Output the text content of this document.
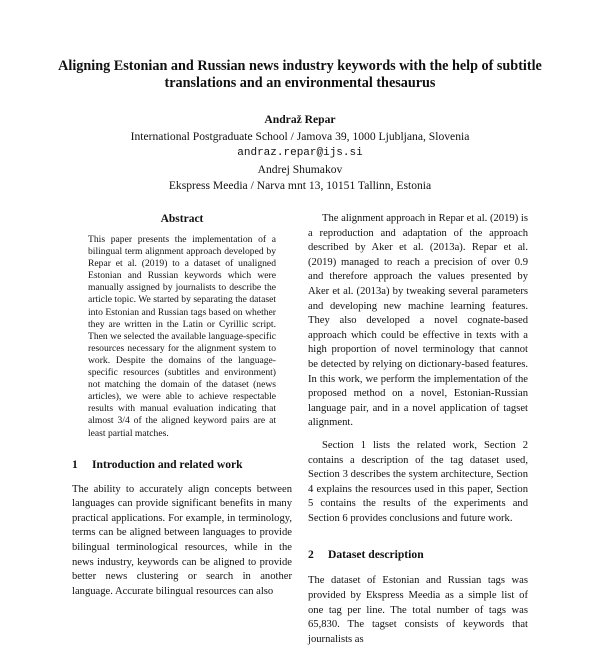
Aligning Estonian and Russian news industry keywords with the help of subtitle translations and an environmental thesaurus
Andraž Repar
International Postgraduate School / Jamova 39, 1000 Ljubljana, Slovenia
andraz.repar@ijs.si
Andrej Shumakov
Ekspress Meedia / Narva mnt 13, 10151 Tallinn, Estonia
Abstract

This paper presents the implementation of a bilingual term alignment approach developed by Repar et al. (2019) to a dataset of unaligned Estonian and Russian keywords which were manually assigned by journalists to describe the article topic. We started by separating the dataset into Estonian and Russian tags based on whether they are written in the Latin or Cyrillic script. Then we selected the available language-specific resources necessary for the alignment system to work. Despite the domains of the language-specific resources (subtitles and environment) not matching the domain of the dataset (news articles), we were able to achieve respectable results with manual evaluation indicating that almost 3/4 of the aligned keyword pairs are at least partial matches.

1 Introduction and related work

The ability to accurately align concepts between languages can provide significant benefits in many practical applications. For example, in terminology, terms can be aligned between languages to provide bilingual terminological resources, while in the news industry, keywords can be aligned to provide better news clustering or search in another language. Accurate bilingual resources can also

The alignment approach in Repar et al. (2019) is a reproduction and adaptation of the approach described by Aker et al. (2013a). Repar et al. (2019) managed to reach a precision of over 0.9 and therefore approach the values presented by Aker et al. (2013a) by tweaking several parameters and developing new machine learning features. They also developed a novel cognate-based approach which could be effective in texts with a high proportion of novel terminology that cannot be detected by relying on dictionary-based features. In this work, we perform the implementation of the proposed method on a novel, Estonian-Russian language pair, and in a novel application of tagset alignment.

Section 1 lists the related work, Section 2 contains a description of the tag dataset used, Section 3 describes the system architecture, Section 4 explains the resources used in this paper, Section 5 contains the results of the experiments and Section 6 provides conclusions and future work.

2 Dataset description

The dataset of Estonian and Russian tags was provided by Ekspress Meedia as a simple list of one tag per line. The total number of tags was 65,830. The tagset consists of keywords that journalists as
